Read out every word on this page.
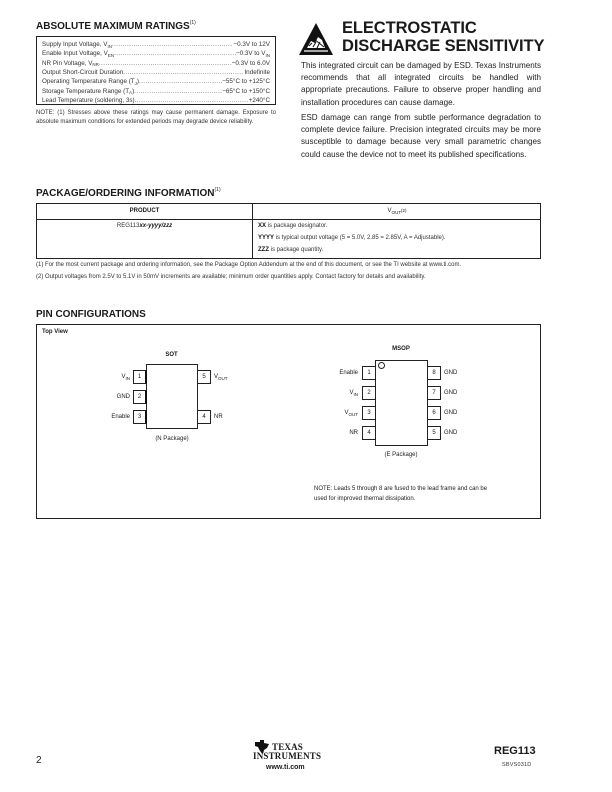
ABSOLUTE MAXIMUM RATINGS$^{(1)}$
Supply Input Voltage, $V_{IN}$ .....	−0.3V to 12V
Enable Input Voltage, $V_{EN}$ .....	−0.3V to $V_{IN}$
NR Pin Voltage, $V_{NR}$ .....	−0.3V to 6.0V
Output Short-Circuit Duration .....	Indefinite
Operating Temperature Range $(T_J)$ .....	−55°C to +125°C
Storage Temperature Range $(T_A)$ .....	−65°C to +150°C
Lead Temperature (soldering, 3s) .....	+240°C
NOTE: (1) Stresses above these ratings may cause permanent damage. Exposure to absolute maximum conditions for extended periods may degrade device reliability.
ELECTROSTATIC
DISCHARGE SENSITIVITY

This integrated circuit can be damaged by ESD. Texas Instruments recommends that all integrated circuits be handled with appropriate precautions. Failure to observe proper handling and installation procedures can cause damage.

ESD damage can range from subtle performance degradation to complete device failure. Precision integrated circuits may be more susceptible to damage because very small parametric changes could cause the device not to meet its published specifications.

PACKAGE/ORDERING INFORMATION$^{(1)}$
PRODUCT	$V_{OUT}^{(2)}$
REG113xx-yyyy/zzz	XX is package designator.
YYYY is typical output voltage (5 = 5.0V, 2.85 = 2.85V, A = Adjustable).
ZZZ is package quantity.
(1) For the most current package and ordering information, see the Package Option Addendum at the end of this document, or see the TI website at www.ti.com.
(2) Output voltages from 2.5V to 5.1V in 50mV increments are available; minimum order quantities apply. Contact factory for details and availability.
PIN CONFIGURATIONS
Top View
SOT
1
2
3
$V_{IN}$
GND
Enable
5
4
$V_{OUT}$
NR
(N Package)
MSOP
1
2
3
4
Enable
$V_{IN}$
$V_{OUT}$
NR
8
7
6
5
GND
GND
GND
GND
(E Package)
NOTE: Leads 5 through 8 are fused to the lead frame and can be
used for improved thermal dissipation.
2
TEXAS
INSTRUMENTS
www.ti.com
REG113
SBVS031D
